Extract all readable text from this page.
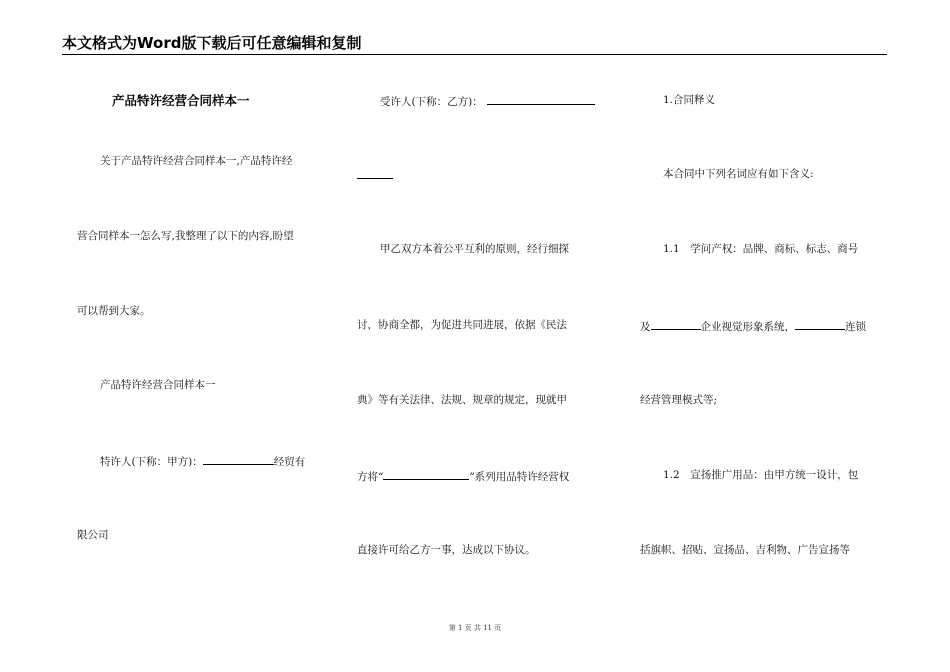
本文格式为Word版下载后可任意编辑和复制
产品特许经营合同样本一
关于产品特许经营合同样本一,产品特许经
营合同样本一怎么写,我整理了以下的内容,盼望
可以帮到大家。
产品特许经营合同样本一
特许人(下称：甲方)：	经贸有
限公司
受许人(下称：乙方)：
甲乙双方本着公平互利的原则，经行细探
讨，协商全都，为促进共同进展，依据《民法
典》等有关法律、法规、规章的规定，现就甲
方将“	”系列用品特许经营权
直接许可给乙方一事，达成以下协议。
1.合同释义
本合同中下列名词应有如下含义:
1.1　学问产权：品牌、商标、标志、商号
及	企业视觉形象系统，	连锁
经营管理模式等;
1.2　宣扬推广用品：由甲方统一设计，包
括旗帜、招贴、宣扬品、吉利物、广告宣扬等
第 1 页 共 11 页
